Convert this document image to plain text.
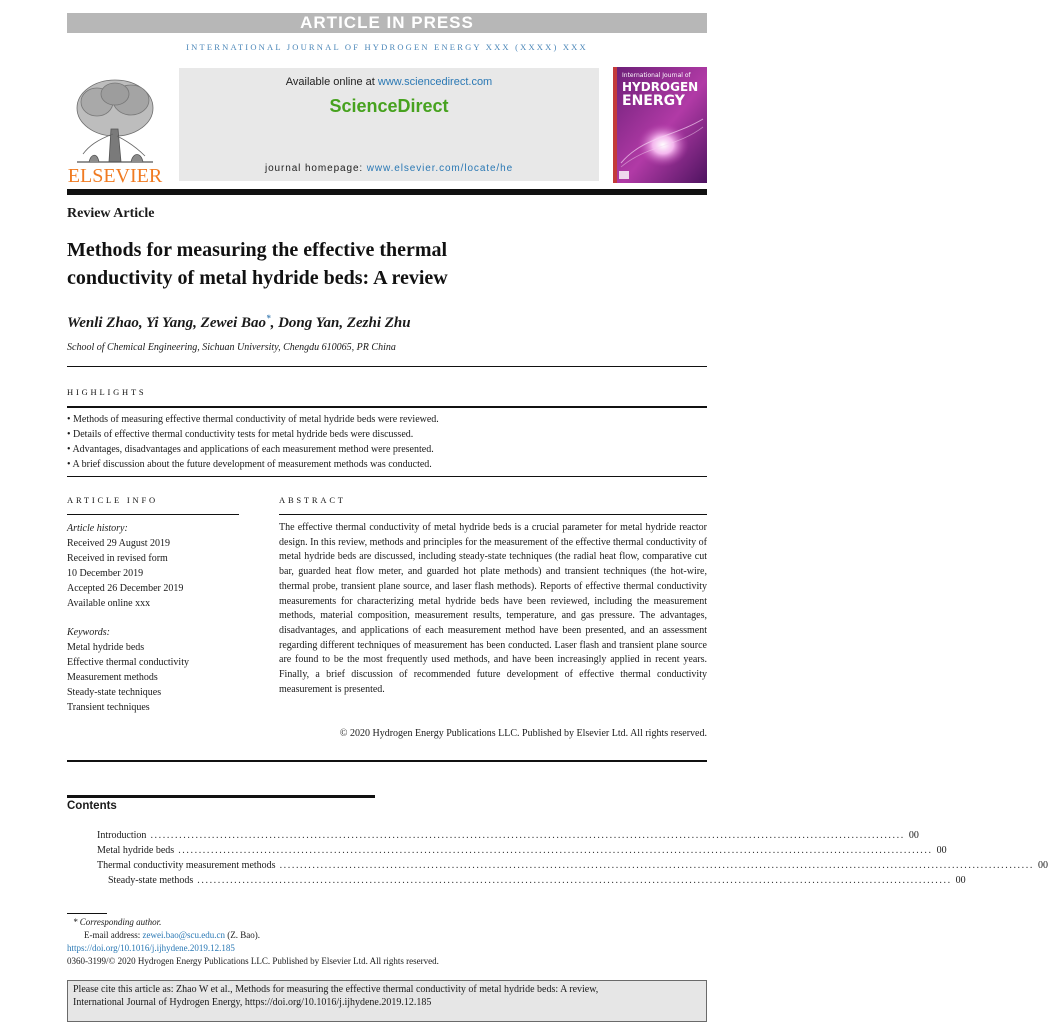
ARTICLE IN PRESS
INTERNATIONAL JOURNAL OF HYDROGEN ENERGY XXX (XXXX) XXX
ELSEVIER
Available online at www.sciencedirect.com
ScienceDirect
journal homepage: www.elsevier.com/locate/he
International Journal of
HYDROGEN
ENERGY
Review Article
Methods for measuring the effective thermal
conductivity of metal hydride beds: A review
Wenli Zhao, Yi Yang, Zewei Bao*, Dong Yan, Zezhi Zhu
School of Chemical Engineering, Sichuan University, Chengdu 610065, PR China
HIGHLIGHTS
• Methods of measuring effective thermal conductivity of metal hydride beds were reviewed.
• Details of effective thermal conductivity tests for metal hydride beds were discussed.
• Advantages, disadvantages and applications of each measurement method were presented.
• A brief discussion about the future development of measurement methods was conducted.
ARTICLE INFO	ABSTRACT
Article history:
Received 29 August 2019
Received in revised form
10 December 2019
Accepted 26 December 2019
Available online xxx
Keywords:
Metal hydride beds
Effective thermal conductivity
Measurement methods
Steady-state techniques
Transient techniques
The effective thermal conductivity of metal hydride beds is a crucial parameter for metal hydride reactor design. In this review, methods and principles for the measurement of the effective thermal conductivity of metal hydride beds are discussed, including steady-state techniques (the radial heat flow, comparative cut bar, guarded heat flow meter, and guarded hot plate methods) and transient techniques (the hot-wire, thermal probe, transient plane source, and laser flash methods). Reports of effective thermal conductivity measurements for characterizing metal hydride beds have been reviewed, including the measurement methods, material composition, measurement results, temperature, and gas pressure. The advantages, disadvantages, and applications of each measurement method have been presented, and an assessment regarding different techniques of measurement has been conducted. Laser flash and transient plane source are found to be the most frequently used methods, and have been increasingly applied in recent years. Finally, a brief discussion of recommended future development of effective thermal conductivity measurement is presented.
© 2020 Hydrogen Energy Publications LLC. Published by Elsevier Ltd. All rights reserved.
Contents
Introduction ........................................................................................................................................................................................ 00
Metal hydride beds ........................................................................................................................................................................................ 00
Thermal conductivity measurement methods ........................................................................................................................................................................................ 00
Steady-state methods ........................................................................................................................................................................................ 00
* Corresponding author.
E-mail address: zewei.bao@scu.edu.cn (Z. Bao).
https://doi.org/10.1016/j.ijhydene.2019.12.185
0360-3199/© 2020 Hydrogen Energy Publications LLC. Published by Elsevier Ltd. All rights reserved.
Please cite this article as: Zhao W et al., Methods for measuring the effective thermal conductivity of metal hydride beds: A review,
International Journal of Hydrogen Energy, https://doi.org/10.1016/j.ijhydene.2019.12.185
